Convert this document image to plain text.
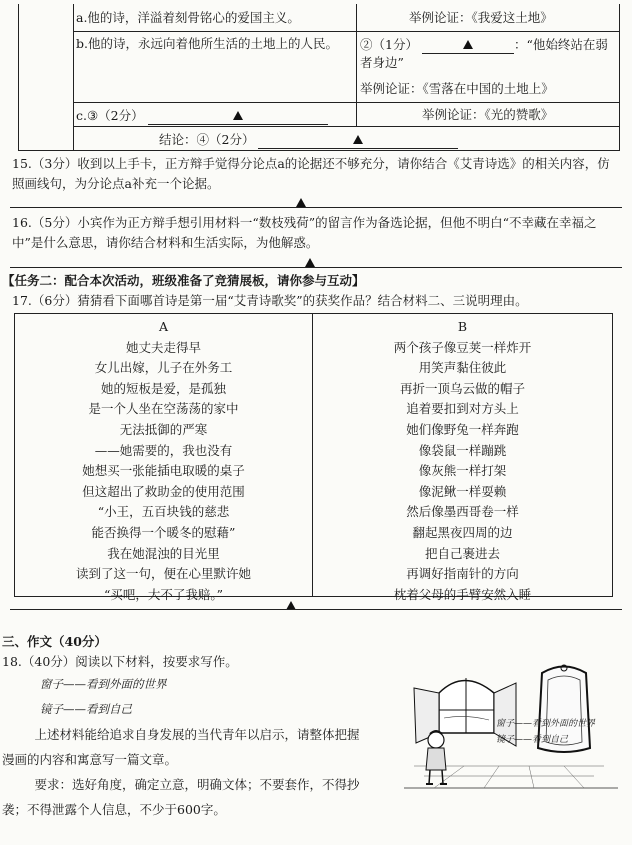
a.他的诗，洋溢着刻骨铭心的爱国主义。	举例论证：《我爱这土地》
b.他的诗，永远向着他所生活的土地上的人民。 ②（1分）	：“他始终站在弱者身边”
举例论证：《雪落在中国的土地上》
c.③（2分）	举例论证：《光的赞歌》
结论：④（2分）
15.（3分）收到以上手卡，正方辩手觉得分论点a的论据还不够充分，请你结合《艾青诗选》的相关内容，仿照画线句，为分论点a补充一个论据。
16.（5分）小宾作为正方辩手想引用材料一“数枝残荷”的留言作为备选论据，但他不明白“不幸藏在幸福之中”是什么意思，请你结合材料和生活实际，为他解惑。
【任务二：配合本次活动，班级准备了竞猜展板，请你参与互动】
17.（6分）猜猜看下面哪首诗是第一届“艾青诗歌奖”的获奖作品？结合材料二、三说明理由。
A
她丈夫走得早
女儿出嫁，儿子在外务工
她的短板是爱，是孤独
是一个人坐在空荡荡的家中
无法抵御的严寒
——她需要的，我也没有
她想买一张能插电取暖的桌子
但这超出了救助金的使用范围
“小王，五百块钱的慈悲
能否换得一个暖冬的慰藉”
我在她混浊的目光里
读到了这一句，便在心里默许她
“买吧，大不了我赔。”
B
两个孩子像豆荚一样炸开
用笑声黏住彼此
再折一顶乌云做的帽子
追着要扣到对方头上
她们像野兔一样奔跑
像袋鼠一样蹦跳
像灰熊一样打架
像泥鳅一样耍赖
然后像墨西哥卷一样
翻起黑夜四周的边
把自己裹进去
再调好指南针的方向
枕着父母的手臂安然入睡
三、作文（40分）
18.（40分）阅读以下材料，按要求写作。
窗子——看到外面的世界
镜子——看到自己
上述材料能给追求自身发展的当代青年以启示，请整体把握漫画的内容和寓意写一篇文章。
要求：选好角度，确定立意，明确文体；不要套作，不得抄袭；不得泄露个人信息，不少于600字。
窗子——看到外面的世界
镜子——看到自己
